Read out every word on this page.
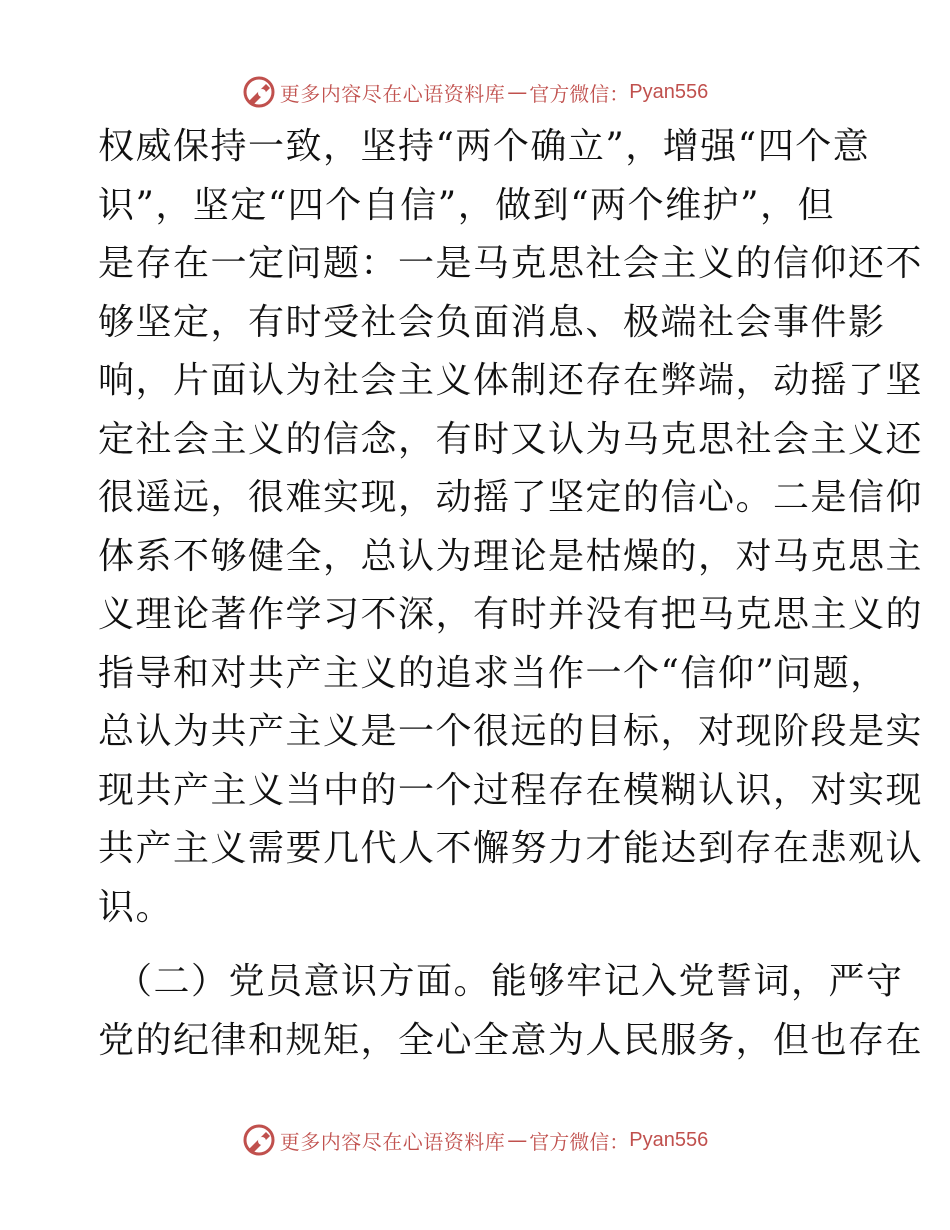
更多内容尽在心语资料库 — 官方微信： Pyan556
权威保持一致，坚持“两个确立”，增强“四个意
识”，坚定“四个自信”，做到“两个维护”，但
是存在一定问题：一是马克思社会主义的信仰还不
够坚定，有时受社会负面消息、极端社会事件影
响，片面认为社会主义体制还存在弊端，动摇了坚
定社会主义的信念，有时又认为马克思社会主义还
很遥远，很难实现，动摇了坚定的信心。二是信仰
体系不够健全，总认为理论是枯燥的，对马克思主
义理论著作学习不深，有时并没有把马克思主义的
指导和对共产主义的追求当作一个“信仰”问题，
总认为共产主义是一个很远的目标，对现阶段是实
现共产主义当中的一个过程存在模糊认识，对实现
共产主义需要几代人不懈努力才能达到存在悲观认
识。
（二）党员意识方面。能够牢记入党誓词，严守
党的纪律和规矩，全心全意为人民服务，但也存在
更多内容尽在心语资料库 — 官方微信： Pyan556
